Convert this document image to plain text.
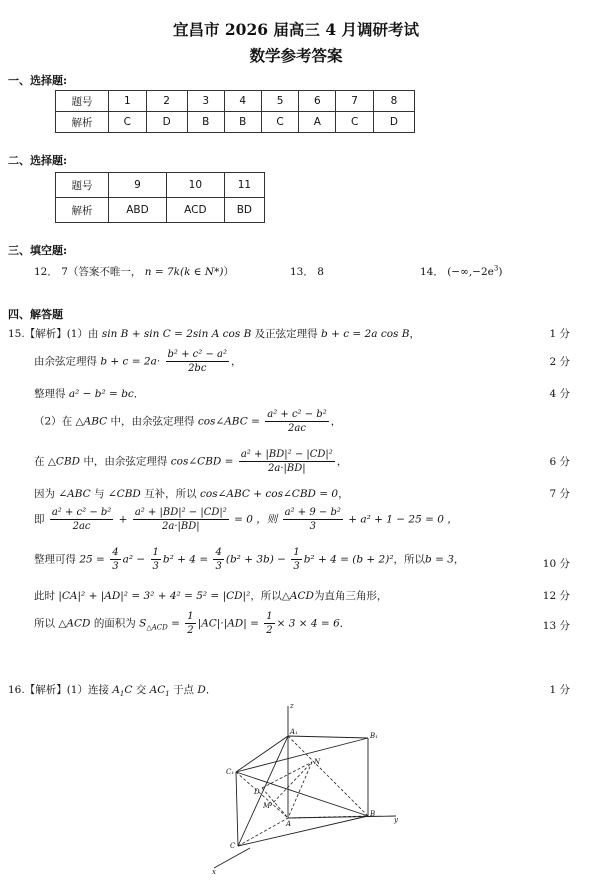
宜昌市 2026 届高三 4 月调研考试
数学参考答案
一、选择题:
题号	1	2	3	4	5	6	7	8
解析	C	D	B	B	C	A	C	D
二、选择题:
题号	9	10	11
解析	ABD	ACD	BD
三、填空题:
12． 7（答案不唯一， n = 7k(k ∈ N*)）	13． 8	14． $(-\infty,-2e^3)$
四、解答题
15.【解析】(1）由 sin B + sin C = 2sin A cos B 及正弦定理得 b + c = 2a cos B，	1 分
由余弦定理得 $b + c = 2a\cdot \frac{\text{b² + c² − a²}}{2bc}$ ，	2 分
整理得 a² − b² = bc．	4 分
（2）在 △ABC 中，由余弦定理得 cos∠ABC = $\frac{\text{a² + c² − b²}}{2ac}$ ，
在 △CBD 中，由余弦定理得 cos∠CBD = $\frac{\text{a² + |BD|² − |CD|²}}{2a\cdot|BD|}$ ，	6 分
因为 ∠ABC 与 ∠CBD 互补，所以 cos∠ABC + cos∠CBD = 0，	7 分
即 $\frac{\text{a² + c² − b²}}{2ac} + \frac{\text{a² + |BD|² − |CD|²}}{2a\cdot|BD|} = 0$ ，则 $\frac{\text{a² + 9 − b²}}{3} + a^2 + 1 - 25 = 0$ ，
整理可得 $25 = \frac{4}{3} a^2 - \frac{1}{3} b^2 + 4 = \frac{4}{3} (b^2 + 3b) - \frac{1}{3} b^2 + 4 = (b + 2)^2$，所以b = 3，	10 分
此时 |CA|² + |AD|² = 3² + 4² = 5² = |CD|²，所以△ACD为直角三角形，	12 分
所以 △ACD 的面积为 $S_{\triangle ACD} = \frac{1}{2} |AC|\cdot|AD| = \frac{1}{2} \times 3 \times 4 = 6$．	13 分
16.【解析】(1）连接 $A_1C$ 交 $AC_1$ 于点 D．	1 分
z
A₁	B₁
C₁
N
D
M
A
B
y
C
x
